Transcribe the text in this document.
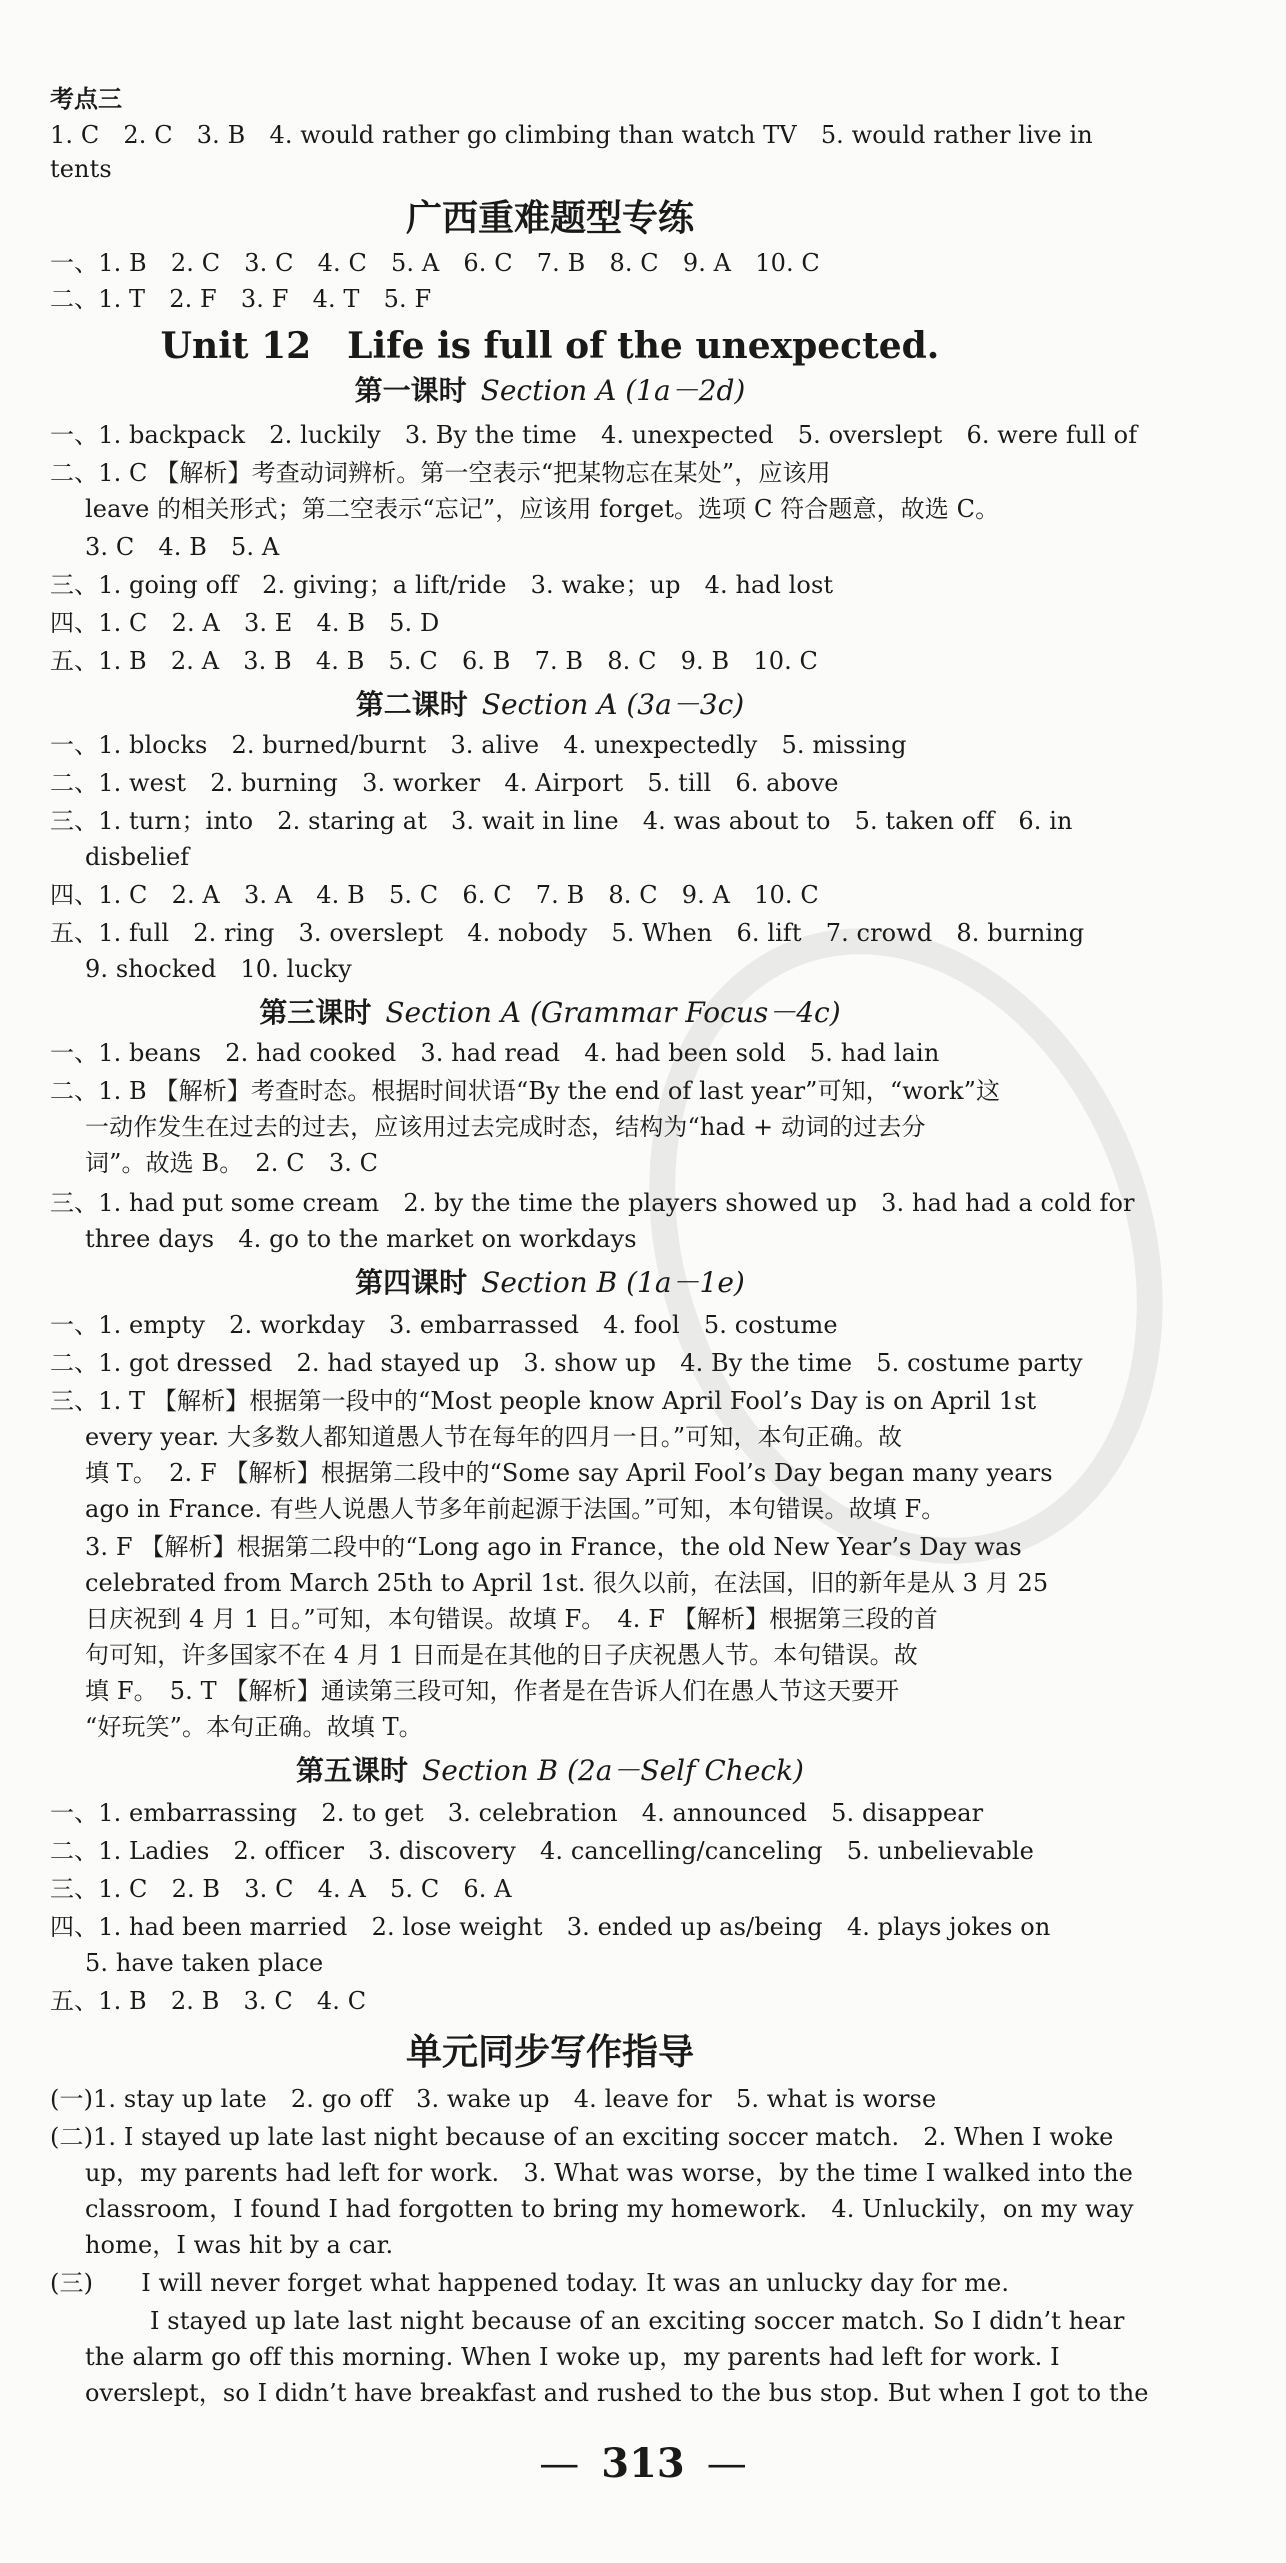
考点三
1. C　2. C　3. B　4. would rather go climbing than watch TV　5. would rather live in
tents
广西重难题型专练
一、1. B　2. C　3. C　4. C　5. A　6. C　7. B　8. C　9. A　10. C
二、1. T　2. F　3. F　4. T　5. F
Unit 12　Life is full of the unexpected.
第一课时 Section A (1a－2d)
一、1. backpack　2. luckily　3. By the time　4. unexpected　5. overslept　6. were full of
二、1. C 【解析】考查动词辨析。第一空表示“把某物忘在某处”，应该用
leave 的相关形式；第二空表示“忘记”，应该用 forget。选项 C 符合题意，故选 C。
3. C　4. B　5. A
三、1. going off　2. giving；a lift/ride　3. wake；up　4. had lost
四、1. C　2. A　3. E　4. B　5. D
五、1. B　2. A　3. B　4. B　5. C　6. B　7. B　8. C　9. B　10. C
第二课时 Section A (3a－3c)
一、1. blocks　2. burned/burnt　3. alive　4. unexpectedly　5. missing
二、1. west　2. burning　3. worker　4. Airport　5. till　6. above
三、1. turn；into　2. staring at　3. wait in line　4. was about to　5. taken off　6. in
disbelief
四、1. C　2. A　3. A　4. B　5. C　6. C　7. B　8. C　9. A　10. C
五、1. full　2. ring　3. overslept　4. nobody　5. When　6. lift　7. crowd　8. burning
9. shocked　10. lucky
第三课时 Section A (Grammar Focus－4c)
一、1. beans　2. had cooked　3. had read　4. had been sold　5. had lain
二、1. B 【解析】考查时态。根据时间状语“By the end of last year”可知，“work”这
一动作发生在过去的过去，应该用过去完成时态，结构为“had + 动词的过去分
词”。故选 B。　2. C　3. C
三、1. had put some cream　2. by the time the players showed up　3. had had a cold for
three days　4. go to the market on workdays
第四课时 Section B (1a－1e)
一、1. empty　2. workday　3. embarrassed　4. fool　5. costume
二、1. got dressed　2. had stayed up　3. show up　4. By the time　5. costume party
三、1. T 【解析】根据第一段中的“Most people know April Fool’s Day is on April 1st
every year. 大多数人都知道愚人节在每年的四月一日。”可知，本句正确。故
填 T。　2. F 【解析】根据第二段中的“Some say April Fool’s Day began many years
ago in France. 有些人说愚人节多年前起源于法国。”可知，本句错误。故填 F。
3. F 【解析】根据第二段中的“Long ago in France，the old New Year’s Day was
celebrated from March 25th to April 1st. 很久以前，在法国，旧的新年是从 3 月 25
日庆祝到 4 月 1 日。”可知，本句错误。故填 F。　4. F 【解析】根据第三段的首
句可知，许多国家不在 4 月 1 日而是在其他的日子庆祝愚人节。本句错误。故
填 F。　5. T 【解析】通读第三段可知，作者是在告诉人们在愚人节这天要开
“好玩笑”。本句正确。故填 T。
第五课时 Section B (2a－Self Check)
一、1. embarrassing　2. to get　3. celebration　4. announced　5. disappear
二、1. Ladies　2. officer　3. discovery　4. cancelling/canceling　5. unbelievable
三、1. C　2. B　3. C　4. A　5. C　6. A
四、1. had been married　2. lose weight　3. ended up as/being　4. plays jokes on
5. have taken place
五、1. B　2. B　3. C　4. C
单元同步写作指导
(一)1. stay up late　2. go off　3. wake up　4. leave for　5. what is worse
(二)1. I stayed up late last night because of an exciting soccer match.　2. When I woke
up，my parents had left for work.　3. What was worse，by the time I walked into the
classroom，I found I had forgotten to bring my homework.　4. Unluckily，on my way
home，I was hit by a car.
(三)　　I will never forget what happened today. It was an unlucky day for me.
I stayed up late last night because of an exciting soccer match. So I didn’t hear
the alarm go off this morning. When I woke up，my parents had left for work. I
overslept，so I didn’t have breakfast and rushed to the bus stop. But when I got to the
— 313 —
